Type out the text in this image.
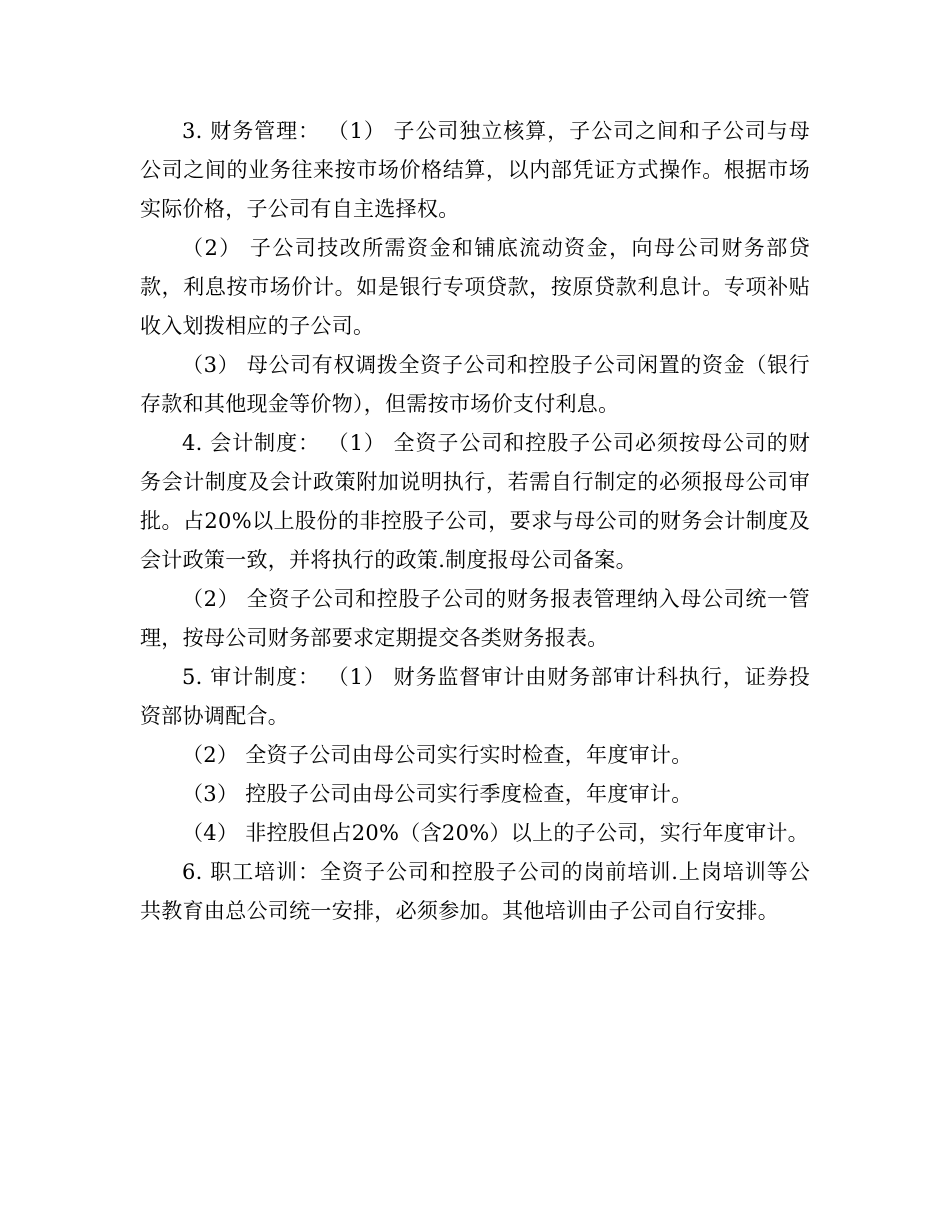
3. 财务管理： （1） 子公司独立核算，子公司之间和子公司与母公司之间的业务往来按市场价格结算，以内部凭证方式操作。根据市场实际价格，子公司有自主选择权。

（2） 子公司技改所需资金和铺底流动资金，向母公司财务部贷款，利息按市场价计。如是银行专项贷款，按原贷款利息计。专项补贴收入划拨相应的子公司。

（3） 母公司有权调拨全资子公司和控股子公司闲置的资金（银行存款和其他现金等价物），但需按市场价支付利息。

4. 会计制度： （1） 全资子公司和控股子公司必须按母公司的财务会计制度及会计政策附加说明执行，若需自行制定的必须报母公司审批。占20%以上股份的非控股子公司，要求与母公司的财务会计制度及会计政策一致，并将执行的政策.制度报母公司备案。

（2） 全资子公司和控股子公司的财务报表管理纳入母公司统一管理，按母公司财务部要求定期提交各类财务报表。

5. 审计制度： （1） 财务监督审计由财务部审计科执行，证券投资部协调配合。

（2） 全资子公司由母公司实行实时检查，年度审计。

（3） 控股子公司由母公司实行季度检查，年度审计。

（4） 非控股但占20%（含20%）以上的子公司，实行年度审计。

6. 职工培训：全资子公司和控股子公司的岗前培训.上岗培训等公共教育由总公司统一安排，必须参加。其他培训由子公司自行安排。
